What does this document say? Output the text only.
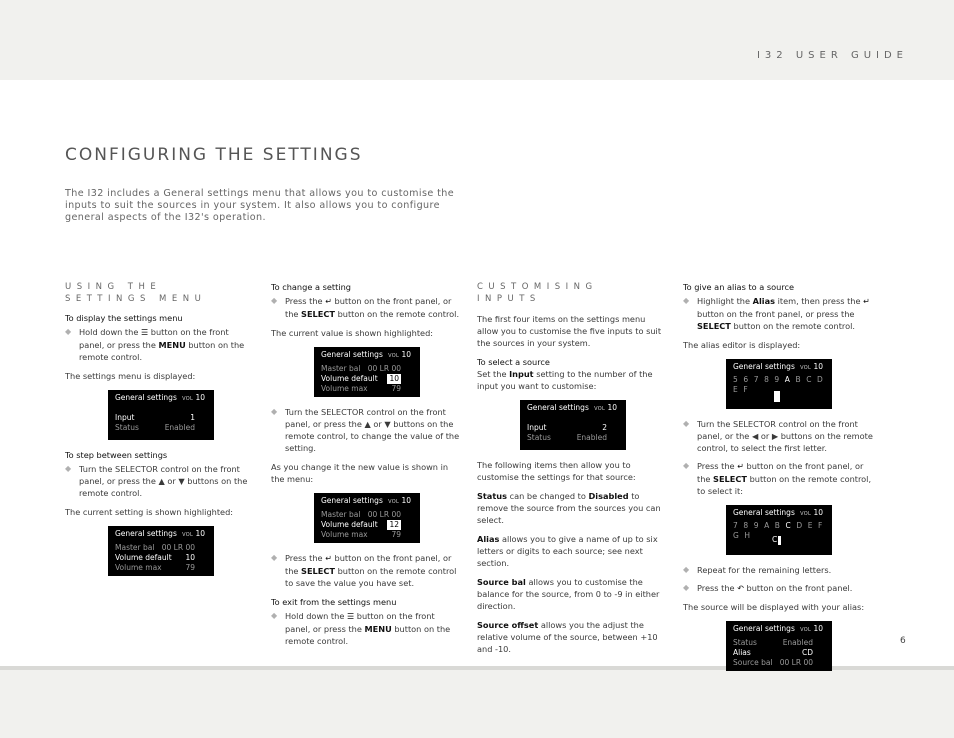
I32 USER GUIDE
CONFIGURING THE SETTINGS
The I32 includes a General settings menu that allows you to customise the inputs to suit the sources in your system. It also allows you to configure general aspects of the I32's operation.
USING THE SETTINGS MENU
To display the settings menu
◆ Hold down the ☰ button on the front panel, or press the MENU button on the remote control.

The settings menu is displayed:

General settings VOL 10
Input	1
Status	Enabled
To step between settings
◆ Turn the SELECTOR control on the front panel, or press the ▲ or ▼ buttons on the remote control.

The current setting is shown highlighted:

General settings VOL 10
Master bal 00 LR 00
Volume default 10
Volume max	79
To change a setting
◆ Press the ↵ button on the front panel, or the SELECT button on the remote control.

The current value is shown highlighted:

General settings VOL 10
Master bal 00 LR 00
Volume default 10
Volume max	79
◆ Turn the SELECTOR control on the front panel, or press the ▲ or ▼ buttons on the remote control, to change the value of the setting.

As you change it the new value is shown in the menu:

General settings VOL 10
Master bal 00 LR 00
Volume default 12
Volume max	79
◆ Press the ↵ button on the front panel, or the SELECT button on the remote control to save the value you have set.
To exit from the settings menu
◆ Hold down the ☰ button on the front panel, or press the MENU button on the remote control.
CUSTOMISING INPUTS

The first four items on the settings menu allow you to customise the five inputs to suit the sources in your system.

To select a source
Set the Input setting to the number of the input you want to customise:
General settings VOL 10
Input	2
Status	Enabled

The following items then allow you to customise the settings for that source:

Status can be changed to Disabled to remove the source from the sources you can select.

Alias allows you to give a name of up to six letters or digits to each source; see next section.

Source bal allows you to customise the balance for the source, from 0 to -9 in either direction.

Source offset allows you the adjust the relative volume of the source, between +10 and -10.

To give an alias to a source
◆ Highlight the Alias item, then press the ↵ button on the front panel, or press the SELECT button on the remote control.

The alias editor is displayed:

General settings VOL 10
5 6 7 8 9 A B C D E F
◆ Turn the SELECTOR control on the front panel, or the ◀ or ▶ buttons on the remote control, to select the first letter.
◆ Press the ↵ button on the front panel, or the SELECT button on the remote control, to select it:
General settings VOL 10
7 8 9 A B C D E F G H	C
◆ Repeat for the remaining letters.
◆ Press the ↶ button on the front panel.

The source will be displayed with your alias:

General settings VOL 10
Status	Enabled
Alias	CD
Source bal 00 LR 00
6
